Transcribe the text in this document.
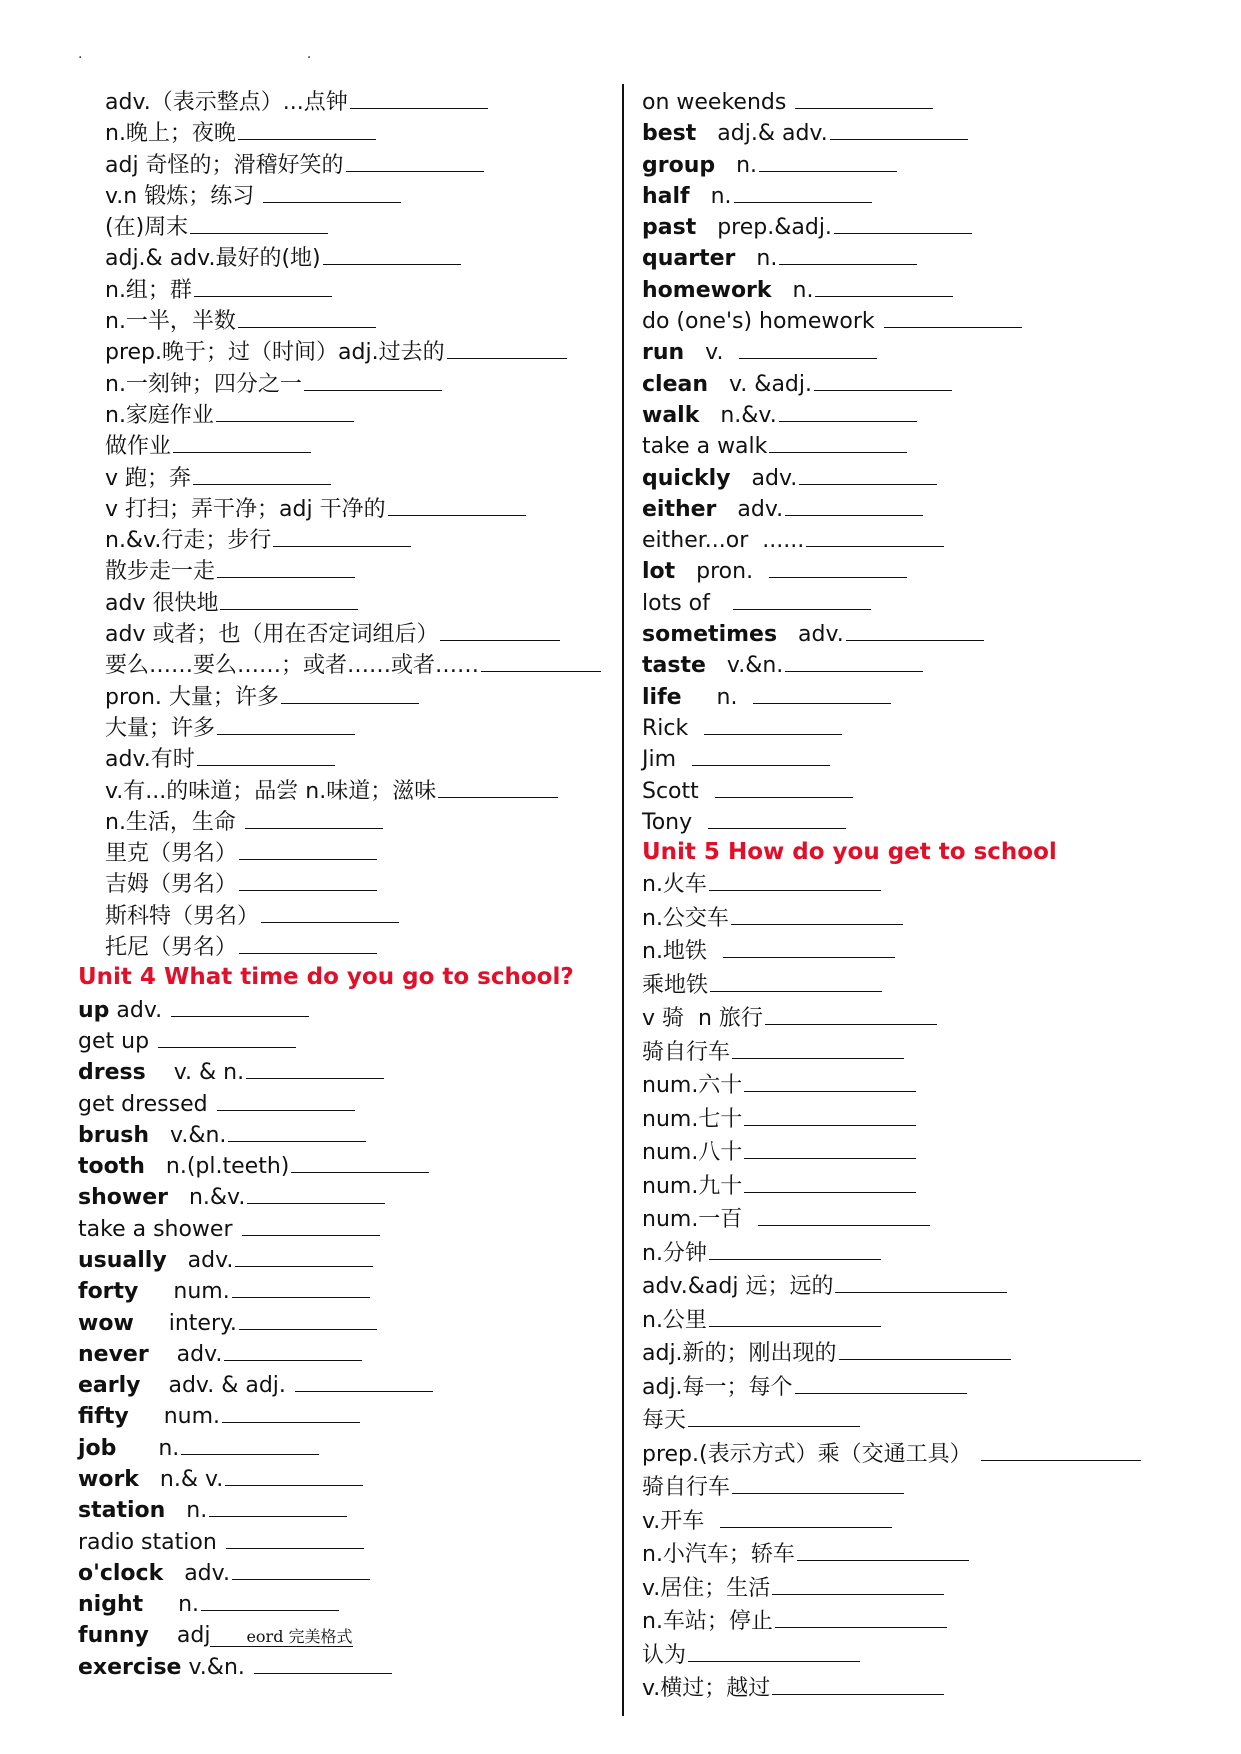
. .
adv.（表示整点）...点钟
n.晚上；夜晚
adj 奇怪的；滑稽好笑的
v.n 锻炼；练习
(在)周末
adj.& adv.最好的(地)
n.组；群
n.一半，半数
prep.晚于；过（时间）adj.过去的
n.一刻钟；四分之一
n.家庭作业
做作业
v 跑；奔
v 打扫；弄干净；adj 干净的
n.&v.行走；步行
散步走一走
adv 很快地
adv 或者；也（用在否定词组后）
要么……要么……；或者……或者……
pron. 大量；许多
大量；许多
adv.有时
v.有...的味道；品尝 n.味道；滋味
n.生活，生命
里克（男名）
吉姆（男名）
斯科特（男名）
托尼（男名）
Unit 4 What time do you go to school?
up adv.
get up
dress    v. & n.
get dressed
brush   v.&n.
tooth   n.(pl.teeth)
shower   n.&v.
take a shower
usually   adv.
forty     num.
wow     intery.
never    adv.
early    adv. & adj.
fifty     num.
job      n.
work   n.& v.
station   n.
radio station
o'clock   adv.
night     n.
funny    adj eord 完美格式
exercise v.&n.
on weekends
best   adj.& adv.
group   n.
half   n.
past   prep.&adj.
quarter   n.
homework   n.
do (one's) homework
run   v.
clean   v. &adj.
walk   n.&v.
take a walk
quickly   adv.
either   adv.
either...or  ......
lot   pron.
lots of
sometimes   adv.
taste   v.&n.
life     n.
Rick
Jim
Scott
Tony
Unit 5 How do you get to school
n.火车
n.公交车
n.地铁
乘地铁
v 骑  n 旅行
骑自行车
num.六十
num.七十
num.八十
num.九十
num.一百
n.分钟
adv.&adj 远；远的
n.公里
adj.新的；刚出现的
adj.每一；每个
每天
prep.(表示方式）乘（交通工具）
骑自行车
v.开车
n.小汽车；轿车
v.居住；生活
n.车站；停止
认为
v.横过；越过
